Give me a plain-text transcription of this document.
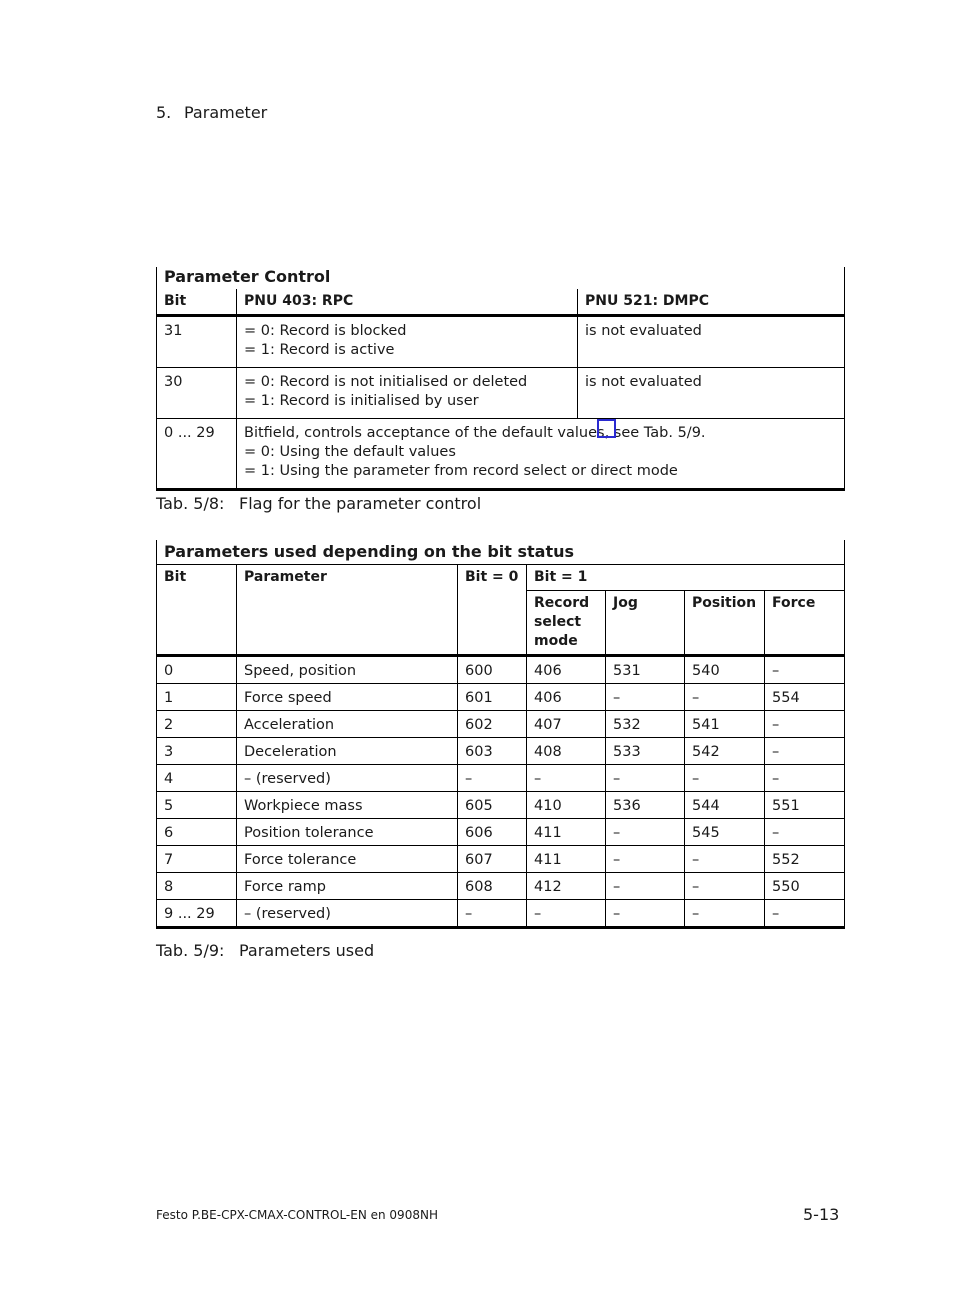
5. Parameter
Parameter Control		
Bit	PNU 403: RPC	PNU 521: DMPC
31	= 0: Record is blocked
= 1: Record is active	is not evaluated
30	= 0: Record is not initialised or deleted
= 1: Record is initialised by user	is not evaluated
0 ... 29	Bitfield, controls acceptance of the default values, see Tab. 5/9.
= 0: Using the default values
= 1: Using the parameter from record select or direct mode	
Tab. 5/8: Flag for the parameter control
Parameters used depending on the bit status						
Bit	Parameter	Bit = 0	Bit = 1			

			Record
select
mode	Jog	Position	Force
0	Speed, position	600	406	531	540	–
1	Force speed	601	406	–	–	554
2	Acceleration	602	407	532	541	–
3	Deceleration	603	408	533	542	–
4	– (reserved)	–	–	–	–	–
5	Workpiece mass	605	410	536	544	551
6	Position tolerance	606	411	–	545	–
7	Force tolerance	607	411	–	–	552
8	Force ramp	608	412	–	–	550
9 ... 29	– (reserved)	–	–	–	–	–
Tab. 5/9: Parameters used
Festo P.BE-CPX-CMAX-CONTROL-EN en 0908NH	5-13
